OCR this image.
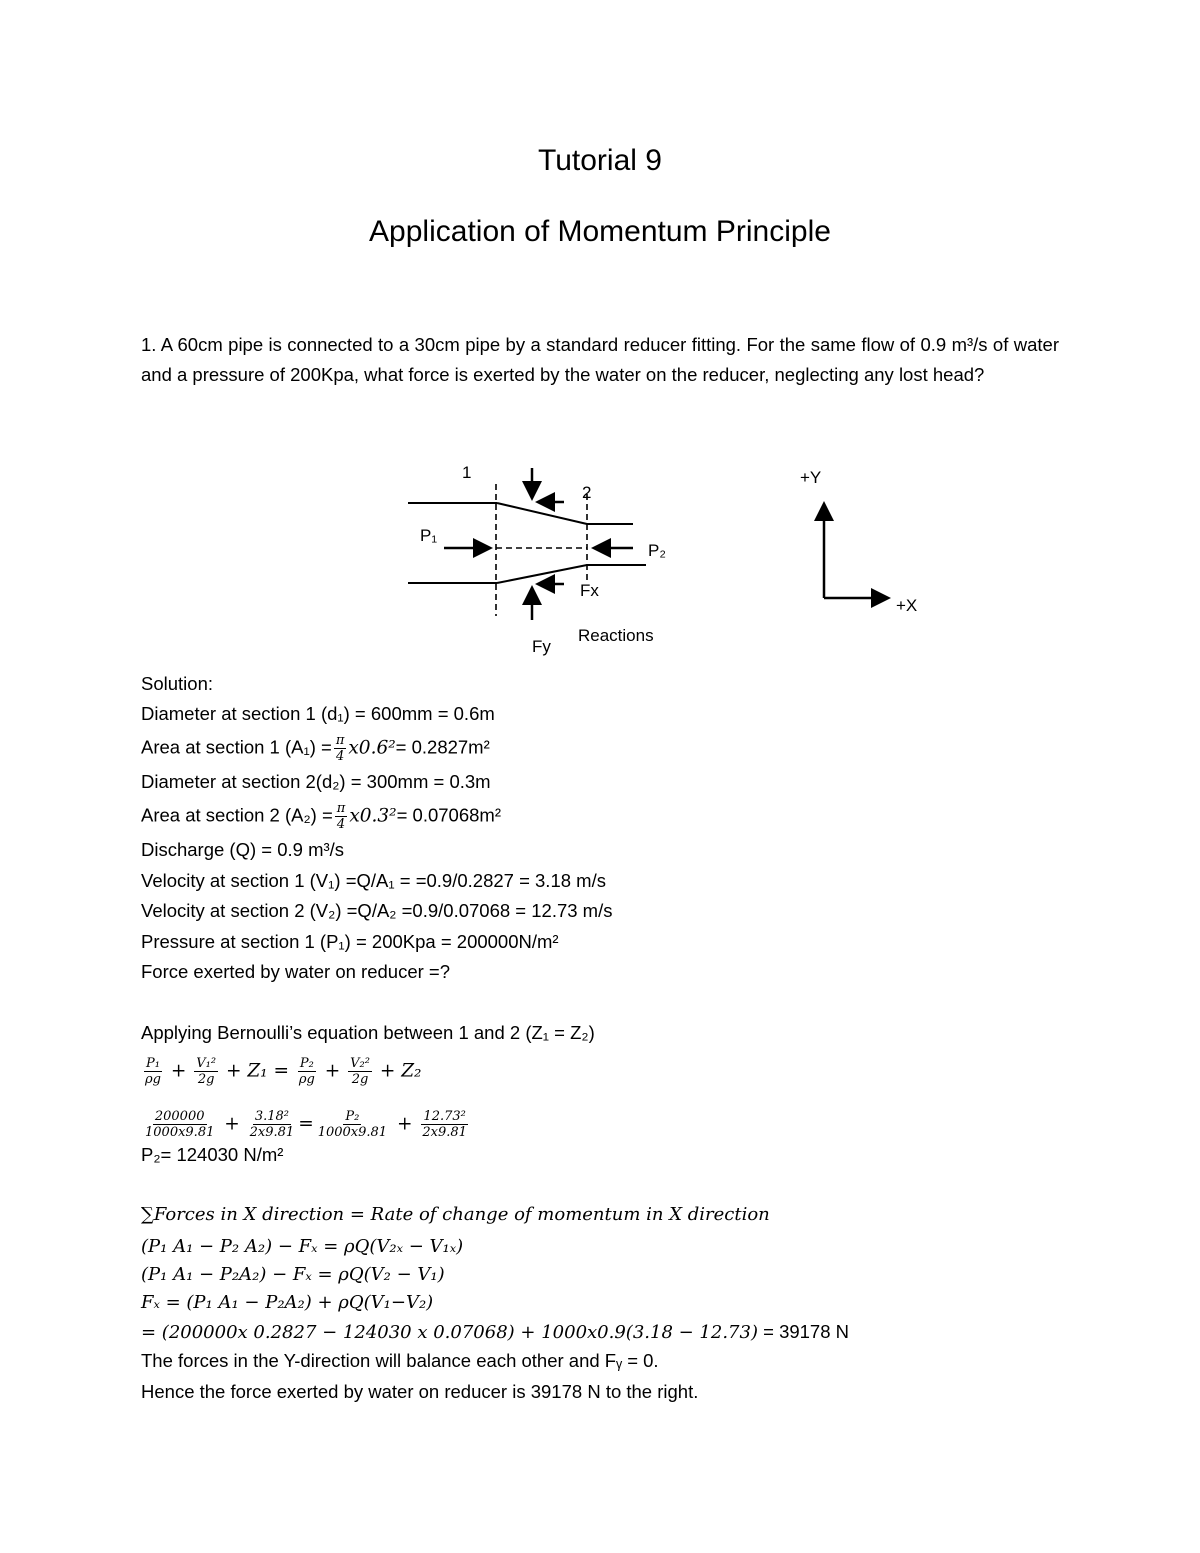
Tutorial 9
Application of Momentum Principle
1. A 60cm pipe is connected to a 30cm pipe by a standard reducer fitting. For the same flow of 0.9 m³/s of water and a pressure of 200Kpa, what force is exerted by the water on the reducer, neglecting any lost head?
1
2
P₁
P₂
Fx
Fy
Reactions
+Y
+X
Solution:
Diameter at section 1 (d₁) = 600mm = 0.6m
Area at section 1 $(A_1) = \frac{\pi}{4} x0.6^2= 0.2827m^2$
Diameter at section 2(d₂) = 300mm = 0.3m
Area at section 2 $(A_2) = \frac{\pi}{4} x0.3^2= 0.07068m^2$
Discharge (Q) = 0.9 m³/s
Velocity at section 1 (V₁) =Q/A₁ = =0.9/0.2827 = 3.18 m/s
Velocity at section 2 (V₂) =Q/A₂ =0.9/0.07068 = 12.73 m/s
Pressure at section 1 (P₁) = 200Kpa = 200000N/m²
Force exerted by water on reducer =?
Applying Bernoulli’s equation between 1 and 2 (Z₁ = Z₂)
$\frac{\text{P₁}}{\rho g} + \frac{\text{V₁²}}{2g} + Z_1 = \frac{\text{P₂}}{\rho g} + \frac{\text{V₂²}}{2g} + Z_2$
$\frac{200000}{1000x9.81} + \frac{\text{3.18²}}{2x9.81} = \frac{\text{P₂}}{1000x9.81} + \frac{\text{12.73²}}{2x9.81}$
P₂= 124030 N/m²
∑Forces in X direction = Rate of change of momentum in X direction
(P₁ A₁ − P₂ A₂) − Fₓ = ρQ(V₂ₓ − V₁ₓ)
(P₁ A₁ − P₂A₂) − Fₓ = ρQ(V₂ − V₁)
Fₓ = (P₁ A₁ − P₂A₂) + ρQ(V₁−V₂)
= (200000x 0.2827 − 124030 x 0.07068) + 1000x0.9(3.18 − 12.73) = 39178 N
The forces in the Y-direction will balance each other and Fᵧ = 0.
Hence the force exerted by water on reducer is 39178 N to the right.
